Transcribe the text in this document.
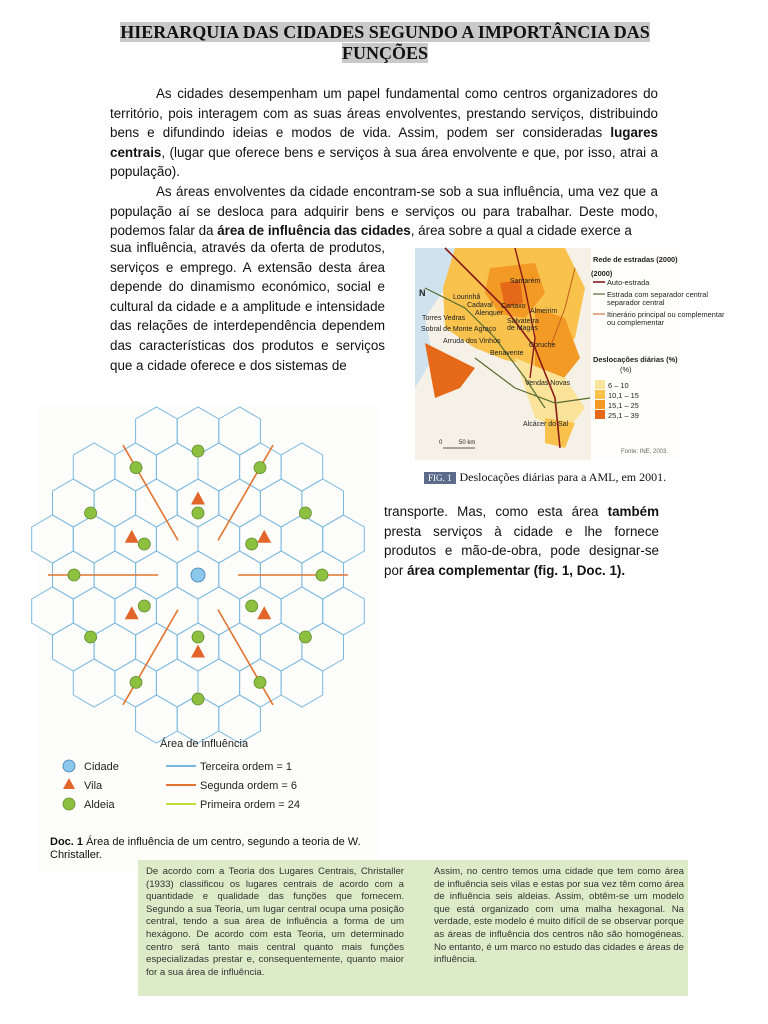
HIERARQUIA DAS CIDADES SEGUNDO A IMPORTÂNCIA DAS FUNÇÕES

As cidades desempenham um papel fundamental como centros organizadores do território, pois interagem com as suas áreas envolventes, prestando serviços, distribuindo bens e difundindo ideias e modos de vida. Assim, podem ser consideradas lugares centrais, (lugar que oferece bens e serviços à sua área envolvente e que, por isso, atrai a população).
As áreas envolventes da cidade encontram-se sob a sua influência, uma vez que a população aí se desloca para adquirir bens e serviços ou para trabalhar. Deste modo, podemos falar da área de influência das cidades, área sobre a qual a cidade exerce a

sua influência, através da oferta de produtos, serviços e emprego. A extensão desta área depende do dinamismo económico, social e cultural da cidade e a amplitude e intensidade das relações de interdependência dependem das características dos produtos e serviços que a cidade oferece e dos sistemas de

N
Santarém
Lourinhã
Cadaval Cartaxo
Almeirim
Alenquer
Salvaterra
Torres Vedras
Sobral de Monte Agraço de Magos
Arruda dos Vinhos
Coruche
Benavente
Vendas Novas
Alcácer do Sal
Rede de estradas (2000)
Auto-estrada
Estrada com separador central
Itinerário principal ou complementar
Deslocações diárias (%)
6 – 10
10,1 – 15
15,1 – 25
25,1 – 39
Fonte: INE, 2003.
(2000)
separador central
ou complementar
(%)
0	50 km
FIG. 1 Deslocações diárias para a AML, em 2001.

transporte. Mas, como esta área também presta serviços à cidade e lhe fornece produtos e mão-de-obra, pode designar-se por área complementar (fig. 1, Doc. 1).

Área de influência
Cidade
Vila
Aldeia
Terceira ordem = 1
Segunda ordem = 6
Primeira ordem = 24
Doc. 1 Área de influência de um centro, segundo a teoria de W. Christaller.

De acordo com a Teoria dos Lugares Centrais, Christaller (1933) classificou os lugares centrais de acordo com a quantidade e qualidade das funções que fornecem. Segundo a sua Teoria, um lugar central ocupa uma posição central, tendo a sua área de influência a forma de um hexágono. De acordo com esta Teoria, um determinado centro será tanto mais central quanto mais funções especializadas prestar e, consequentemente, quanto maior for a sua área de influência.

Assim, no centro temos uma cidade que tem como área de influência seis vilas e estas por sua vez têm como área de influência seis aldeias. Assim, obtêm-se um modelo que está organizado com uma malha hexagonal. Na verdade, este modelo é muito difícil de se observar porque as áreas de influência dos centros não são homogéneas. No entanto, é um marco no estudo das cidades e áreas de influência.
